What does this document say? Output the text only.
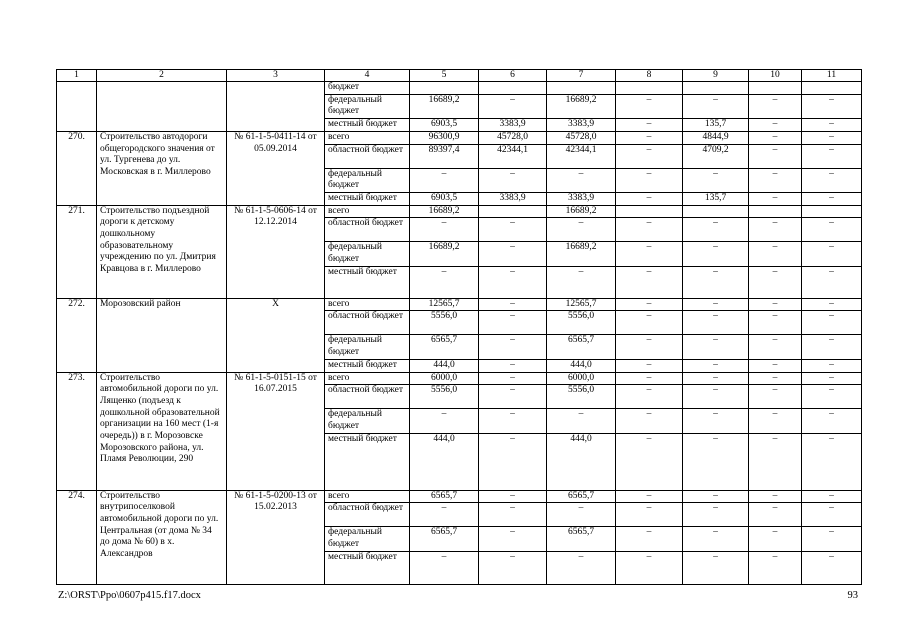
1	2	3	4	5	6	7	8	9	10	11
			бюджет							
			федеральный бюджет	16689,2	–	16689,2	–	–	–	–
			местный бюджет	6903,5	3383,9	3383,9	–	135,7	–	–
270.	Строительство автодороги общегородского значения от ул. Тургенева до ул. Московская в г. Миллерово	№ 61-1-5-0411-14 от 05.09.2014	всего	96300,9	45728,0	45728,0	–	4844,9	–	–
			областной бюджет	89397,4	42344,1	42344,1	–	4709,2	–	–
			федеральный бюджет	–	–	–	–	–	–	–
			местный бюджет	6903,5	3383,9	3383,9	–	135,7	–	–
271.	Строительство подъездной дороги к детскому дошкольному образовательному учреждению по ул. Дмитрия Кравцова в г. Миллерово	№ 61-1-5-0606-14 от 12.12.2014	всего	16689,2		16689,2				
			областной бюджет	–	–	–	–	–	–	–
			федеральный бюджет	16689,2	–	16689,2	–	–	–	–
			местный бюджет	–	–	–	–	–	–	–
272.	Морозовский район	Х	всего	12565,7	–	12565,7	–	–	–	–
			областной бюджет	5556,0	–	5556,0	–	–	–	–
			федеральный бюджет	6565,7	–	6565,7	–	–	–	–
			местный бюджет	444,0	–	444,0	–	–	–	–
273.	Строительство автомобильной дороги по ул. Лященко (подъезд к дошкольной образовательной организации на 160 мест (1-я очередь)) в г. Морозовске Морозовского района, ул. Пламя Революции, 290	№ 61-1-5-0151-15 от 16.07.2015	всего	6000,0	–	6000,0	–	–	–	–
			областной бюджет	5556,0	–	5556,0	–	–	–	–
			федеральный бюджет	–	–	–	–	–	–	–
			местный бюджет	444,0	–	444,0	–	–	–	–
274.	Строительство внутрипоселковой автомобильной дороги по ул. Центральная (от дома № 34 до дома № 60) в х. Александров	№ 61-1-5-0200-13 от 15.02.2013	всего	6565,7	–	6565,7	–	–	–	–
			областной бюджет	–	–	–	–	–	–	–
			федеральный бюджет	6565,7	–	6565,7	–	–	–	–
			местный бюджет	–	–	–	–	–	–	–
Z:\ORST\Ppo\0607p415.f17.docx	93
